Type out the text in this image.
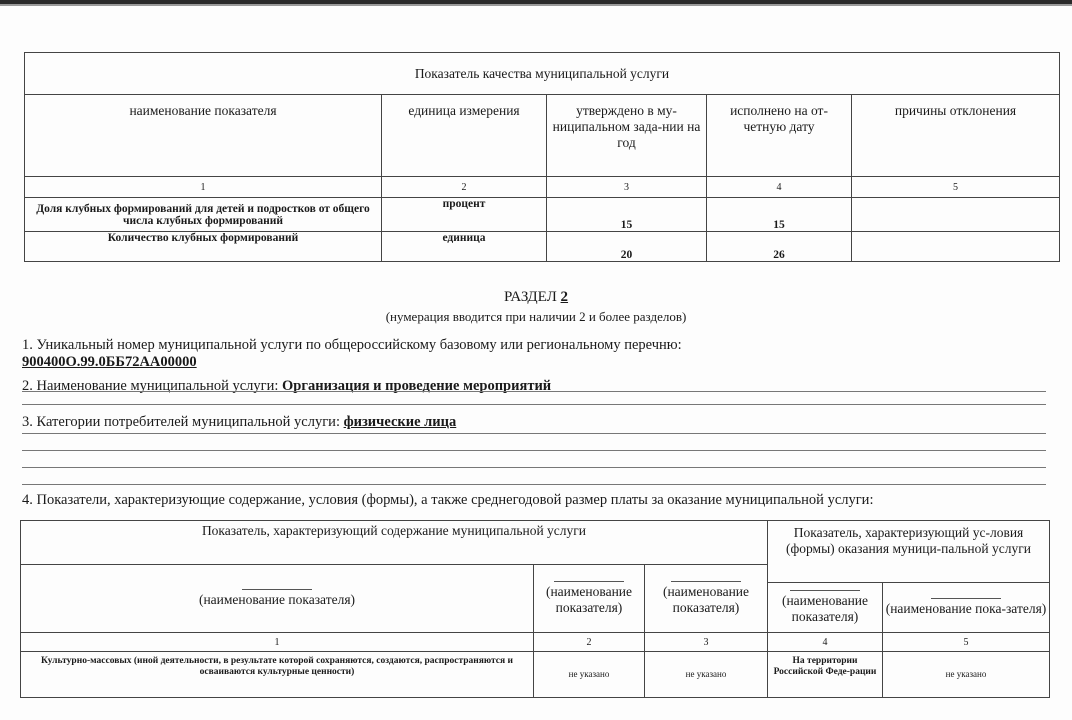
Показатель качества муниципальной услуги				
наименование показателя	единица измерения	утверждено в му-ниципальном зада-нии на год	исполнено на от-четную дату	причины отклонения
1	2	3	4	5
Доля клубных формирований для детей и подростков от общего числа клубных формирований	процент	15	15	
Количество клубных формирований	единица	20	26	
РАЗДЕЛ 2
(нумерация вводится при наличии 2 и более разделов)
1. Уникальный номер муниципальной услуги по общероссийскому базовому или региональному перечню:
900400О.99.0ББ72АА00000
2. Наименование муниципальной услуги: Организация и проведение мероприятий
3. Категории потребителей муниципальной услуги: физические лица
4. Показатели, характеризующие содержание, условия (формы), а также среднегодовой размер платы за оказание муниципальной услуги:
Показатель, характеризующий содержание муниципальной услуги			Показатель, характеризующий ус-ловия (формы) оказания муници-пальной услуги	

(наименование показателя)	(наименование показателя)	(наименование показателя)		

(наименование показателя)	(наименование пока-зателя)
1	2	3	4	5
Культурно-массовых (иной деятельности, в результате которой сохраняются, создаются, распространяются и осваиваются культурные ценности)	не указано	не указано	На территории Российской Феде-рации	не указано
